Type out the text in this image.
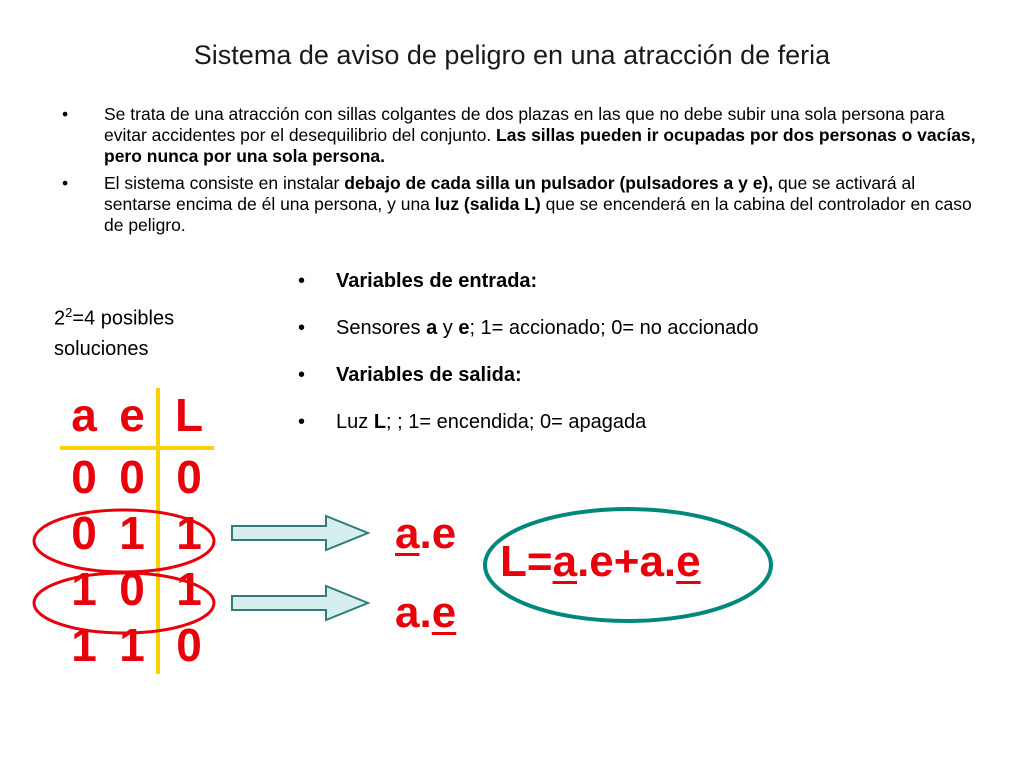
Sistema de aviso de peligro en una atracción de feria
• Se trata de una atracción con sillas colgantes de dos plazas en las que no debe subir una sola persona para evitar accidentes por el desequilibrio del conjunto. Las sillas pueden ir ocupadas por dos personas o vacías, pero nunca por una sola persona.
• El sistema consiste en instalar debajo de cada silla un pulsador (pulsadores a y e), que se activará al sentarse encima de él una persona, y una luz (salida L) que se encenderá en la cabina del controlador en caso de peligro.
• Variables de entrada:
• Sensores a y e; 1= accionado; 0= no accionado
• Variables de salida:
• Luz L; ; 1= encendida; 0= apagada
$2^2=4$ posibles
soluciones
a	e	L
0	0	0
0	1	1
1	0	1
1	1	0
a.e
a.e
L=a.e+a.e
